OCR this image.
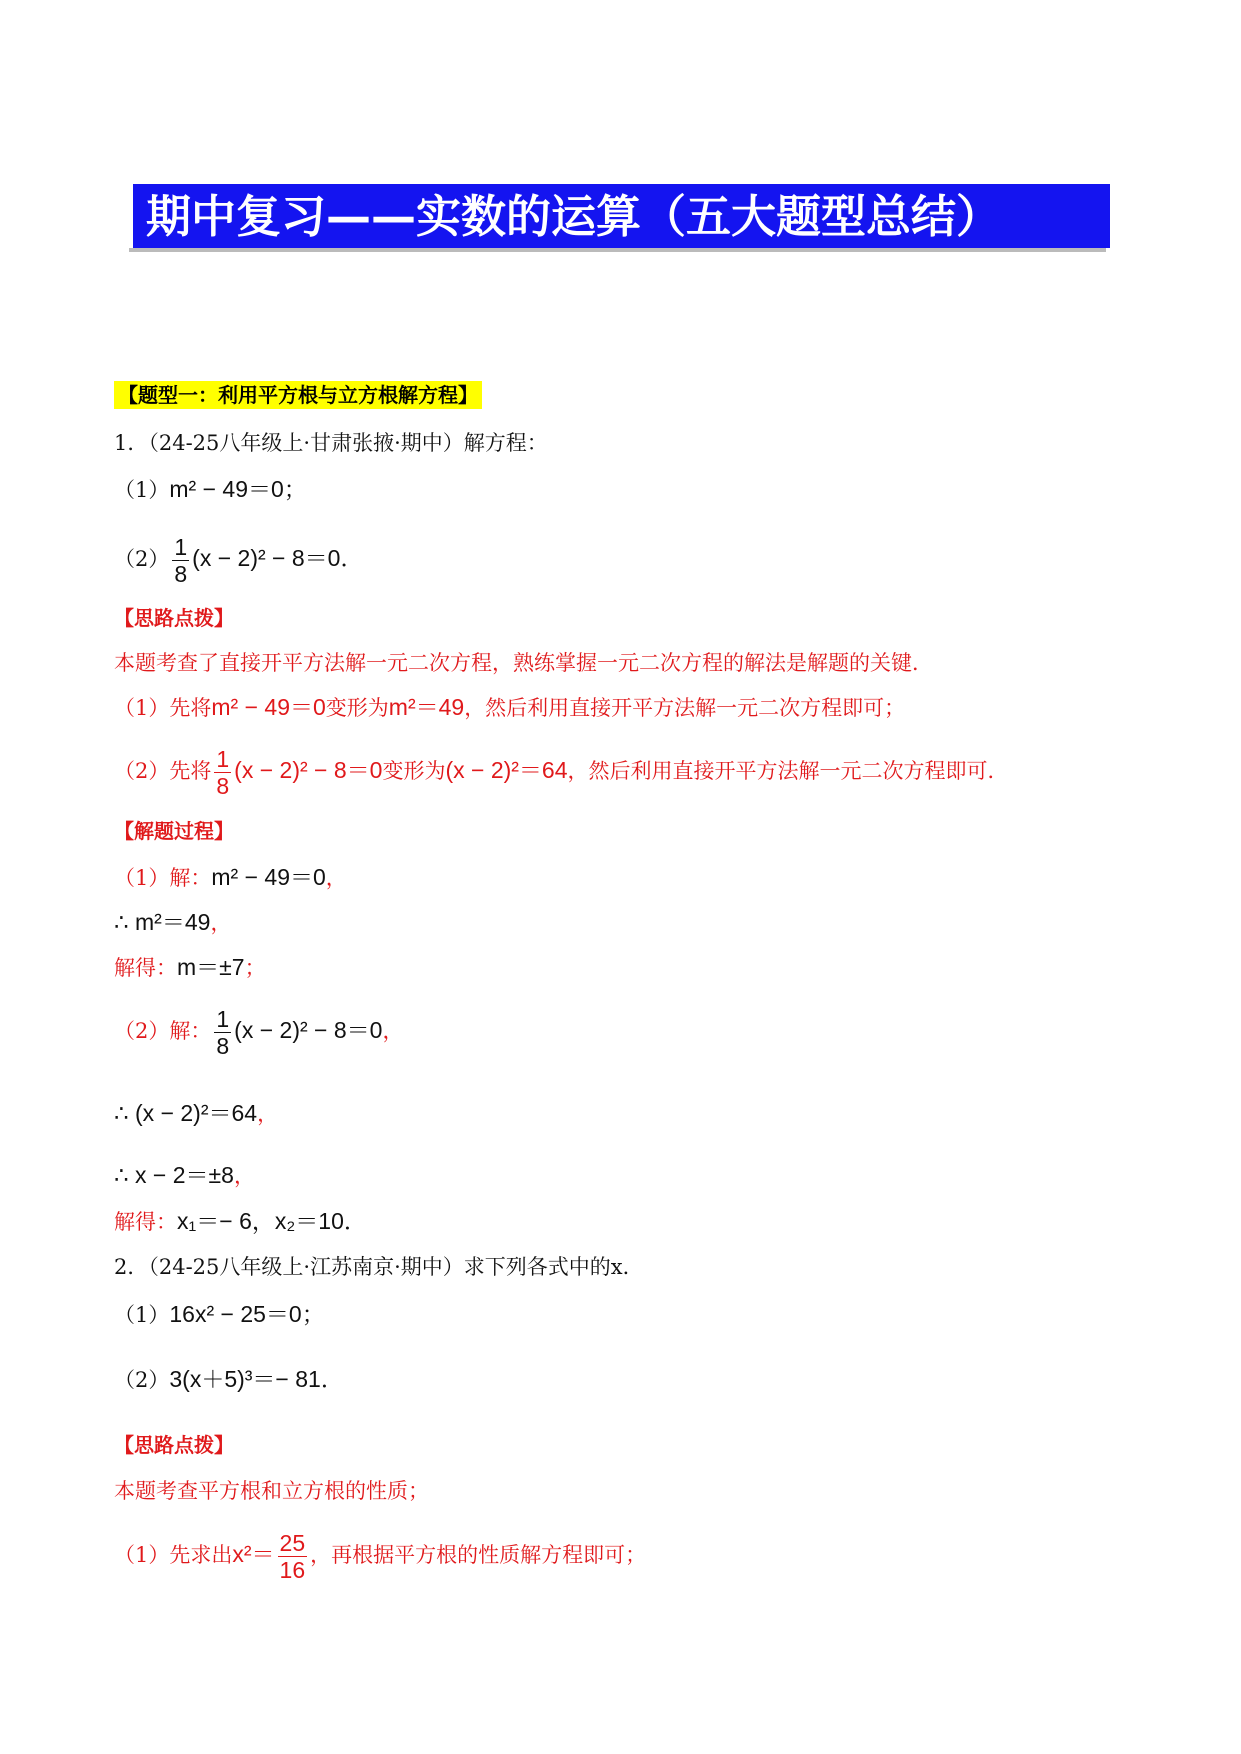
期中复习——实数的运算（五大题型总结）
【题型一：利用平方根与立方根解方程】
1．（24-25八年级上·甘肃张掖·期中）解方程：
（1）m² − 49＝0；
$(2) \frac{1}{8} (x - 2)^2 - 8=0$．
【思路点拨】
本题考查了直接开平方法解一元二次方程，熟练掌握一元二次方程的解法是解题的关键．
（1）先将m² − 49＝0变形为m²＝49，然后利用直接开平方法解一元二次方程即可；
（2）先将 $\frac{1}{8} (x - 2)^2 - 8=0$变形为(x − 2)²＝64，然后利用直接开平方法解一元二次方程即可．
【解题过程】
（1）解：m² − 49＝0，
∴ m²＝49，
解得：m＝±7；
（2）解： $\frac{1}{8} (x - 2)^2 - 8=0$，
∴ (x − 2)²＝64，
∴ x − 2＝±8，
解得：x₁＝− 6，x₂＝10．
2．（24-25八年级上·江苏南京·期中）求下列各式中的x．
（1）16x² − 25＝0；
（2）3(x＋5)³＝− 81．
【思路点拨】
本题考查平方根和立方根的性质；
（1）先求出$x^2= \frac{25}{16}$ ，再根据平方根的性质解方程即可；
